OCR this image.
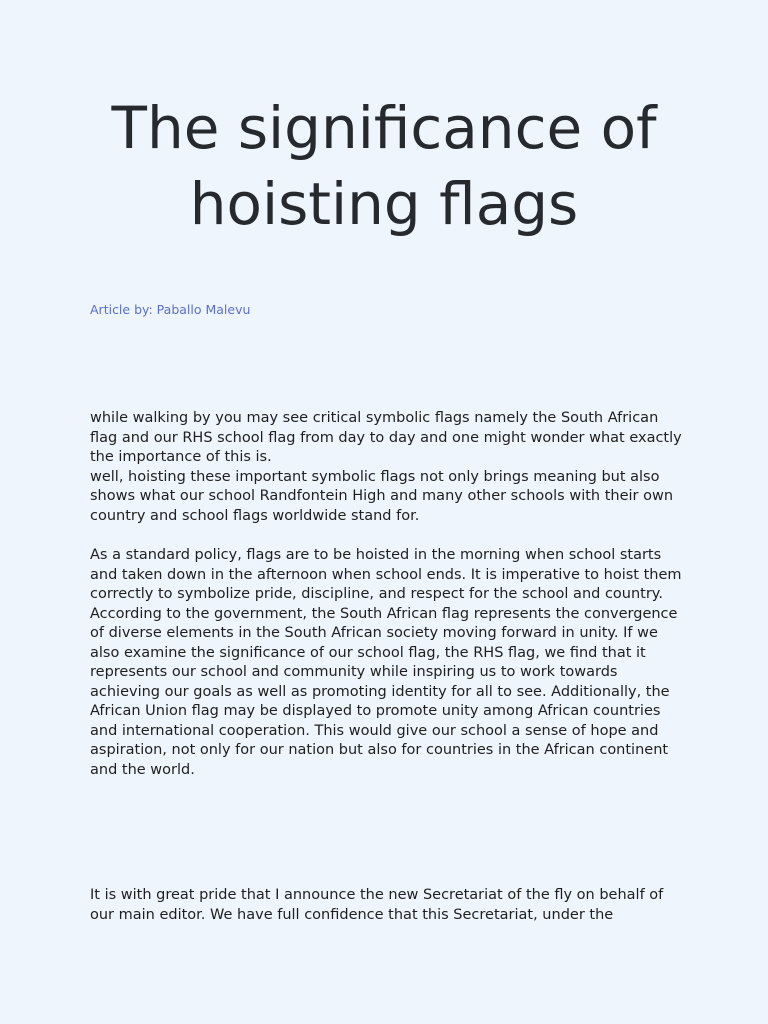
The significance of hoisting flags

Article by: Paballo Malevu

while walking by you may see critical symbolic flags namely the South African flag and our RHS school flag from day to day and one might wonder what exactly the importance of this is.
well, hoisting these important symbolic flags not only brings meaning but also shows what our school Randfontein High and many other schools with their own country and school flags worldwide stand for.

As a standard policy, flags are to be hoisted in the morning when school starts and taken down in the afternoon when school ends. It is imperative to hoist them correctly to symbolize pride, discipline, and respect for the school and country. According to the government, the South African flag represents the convergence of diverse elements in the South African society moving forward in unity. If we also examine the significance of our school flag, the RHS flag, we find that it represents our school and community while inspiring us to work towards achieving our goals as well as promoting identity for all to see. Additionally, the African Union flag may be displayed to promote unity among African countries and international cooperation. This would give our school a sense of hope and aspiration, not only for our nation but also for countries in the African continent and the world.

It is with great pride that I announce the new Secretariat of the fly on behalf of our main editor. We have full confidence that this Secretariat, under the
